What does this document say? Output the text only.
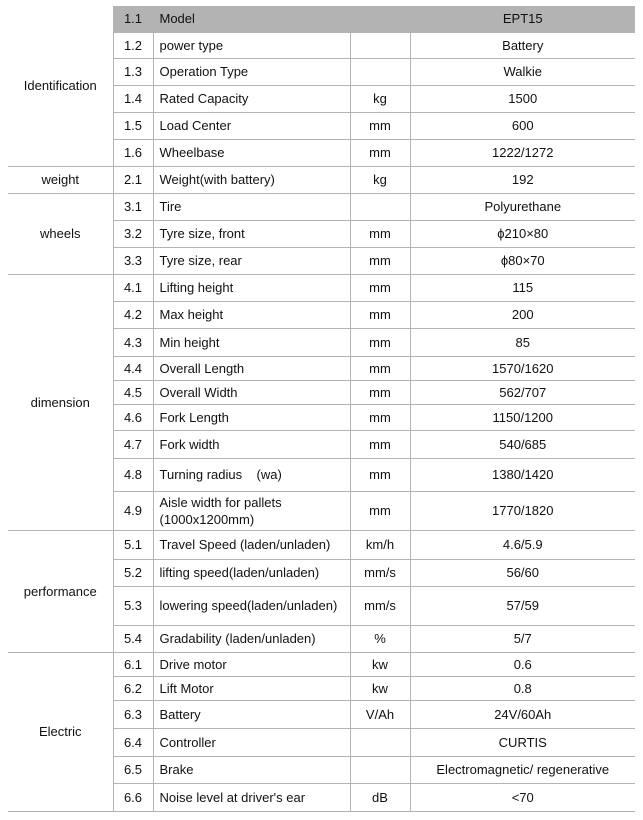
Identification	1.1	Model		EPT15
	1.2	power type		Battery
	1.3	Operation Type		Walkie
	1.4	Rated Capacity	kg	1500
	1.5	Load Center	mm	600
	1.6	Wheelbase	mm	1222/1272
weight	2.1	Weight(with battery)	kg	192
wheels	3.1	Tire		Polyurethane
	3.2	Tyre size, front	mm	ϕ210×80
	3.3	Tyre size, rear	mm	ϕ80×70
dimension	4.1	Lifting height	mm	115
	4.2	Max height	mm	200
	4.3	Min height	mm	85
	4.4	Overall Length	mm	1570/1620
	4.5	Overall Width	mm	562/707
	4.6	Fork Length	mm	1150/1200
	4.7	Fork width	mm	540/685
	4.8	Turning radius    (wa)	mm	1380/1420
	4.9	Aisle width for pallets (1000x1200mm)	mm	1770/1820
performance	5.1	Travel Speed (laden/unladen)	km/h	4.6/5.9
	5.2	lifting speed(laden/unladen)	mm/s	56/60
	5.3	lowering speed(laden/unladen)	mm/s	57/59
	5.4	Gradability (laden/unladen)	%	5/7
Electric	6.1	Drive motor	kw	0.6
	6.2	Lift Motor	kw	0.8
	6.3	Battery	V/Ah	24V/60Ah
	6.4	Controller		CURTIS
	6.5	Brake		Electromagnetic/ regenerative
	6.6	Noise level at driver's ear	dB	<70
